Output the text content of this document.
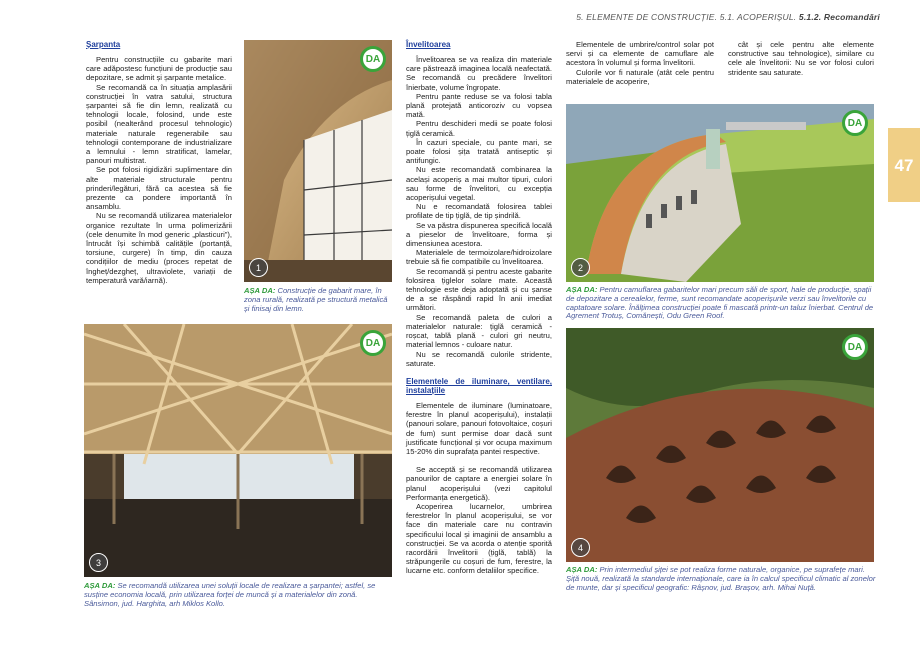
5. ELEMENTE DE CONSTRUCȚIE. 5.1. ACOPERIȘUL. 5.1.2. Recomandări
47
Șarpanta

Pentru construcțiile cu gabarite mari care adăpostesc funcțiuni de producție sau depozitare, se admit și șarpante metalice.

Se recomandă ca în situația amplasării construcției în vatra satului, structura șarpantei să fie din lemn, realizată cu tehnologii locale, folosind, unde este posibil (nealterând procesul tehnologic) materiale naturale regenerabile sau tehnologii contemporane de industrializare a lemnului - lemn stratificat, lamelar, panouri multistrat.

Se pot folosi rigidizări suplimentare din alte materiale structurale pentru prinderi/legături, fără ca acestea să fie prezente ca pondere importantă în ansamblu.

Nu se recomandă utilizarea materialelor organice rezultate în urma polimerizării (cele denumite în mod generic „plasticuri”), întrucât își schimbă calitățile (portanță, torsiune, curgere) în timp, din cauza condițiilor de mediu (proces repetat de îngheț/dezgheț, ultraviolete, variații de temperatură vară/iarnă).

DA
1
AȘA DA: Construcție de gabarit mare, în zona rurală, realizată pe structură metalică și finisaj din lemn.
DA
3
AȘA DA: Se recomandă utilizarea unei soluții locale de realizare a șarpantei; astfel, se susține economia locală, prin utilizarea forței de muncă și a materialelor din zonă. Sânsimon, jud. Harghita, arh Miklos Kollo.
Învelitoarea

Învelitoarea se va realiza din materiale care păstrează imaginea locală neafectată. Se recomandă cu precădere învelitori înierbate, volume îngropate.

Pentru pante reduse se va folosi tabla plană protejată anticoroziv cu vopsea mată.

Pentru deschideri medii se poate folosi țiglă ceramică.

În cazuri speciale, cu pante mari, se poate folosi șița tratată antiseptic și antifungic.

Nu este recomandată combinarea la același acoperiș a mai multor tipuri, culori sau forme de învelitori, cu excepția acoperișului vegetal.

Nu e recomandată folosirea tablei profilate de tip țiglă, de tip șindrilă.

Se va păstra dispunerea specifică locală a pieselor de învelitoare, forma și dimensiunea acestora.

Materialele de termoizolare/hidroizolare trebuie să fie compatibile cu învelitoarea.

Se recomandă și pentru aceste gabarite folosirea țiglelor solare mate. Această tehnologie este deja adoptată și cu șanse de a se răspândi rapid în anii imediat următori.

Se recomandă paleta de culori a materialelor naturale: țiglă ceramică - roșcat, tablă plană - culori gri neutru, material lemnos - culoare natur.

Nu se recomandă culorile stridente, saturate.

Elementele de iluminare, ventilare, instalațiile

Elementele de iluminare (luminatoare, ferestre în planul acoperișului), instalații (panouri solare, panouri fotovoltaice, coșuri de fum) sunt permise doar dacă sunt justificate funcțional și vor ocupa maximum 15-20% din suprafața pantei respective.

Se acceptă și se recomandă utilizarea panourilor de captare a energiei solare în planul acoperișului (vezi capitolul Performanța energetică).

Acoperirea lucarnelor, umbrirea ferestrelor în planul acoperișului, se vor face din materiale care nu contravin specificului local și imaginii de ansamblu a construcției. Se va acorda o atenție sporită racordării învelitorii (țiglă, tablă) la străpungerile cu coșuri de fum, ferestre, la lucarne etc. conform detaliilor specifice.

Elementele de umbrire/control solar pot servi și ca elemente de camuflare ale acestora în volumul și forma învelitorii.

Culorile vor fi naturale (atât cele pentru materialele de acoperire,

cât și cele pentru alte elemente constructive sau tehnologice), similare cu cele ale învelitorii: Nu se vor folosi culori stridente sau saturate.

DA
2
AȘA DA: Pentru camuflarea gabaritelor mari precum săli de sport, hale de producție, spații de depozitare a cerealelor, ferme, sunt recomandate acoperișurile verzi sau învelitorile cu captatoare solare. Înălțimea construcției poate fi mascată printr-un taluz înierbat. Centrul de Agrement Trotuș, Comănești, Odu Green Roof.
DA
4
AȘA DA: Prin intermediul șiței se pot realiza forme naturale, organice, pe suprafețe mari. Șiță nouă, realizată la standarde internaționale, care ia în calcul specificul climatic al zonelor de munte, dar și specificul geografic: Râșnov, jud. Brașov, arh. Mihai Nuță.
